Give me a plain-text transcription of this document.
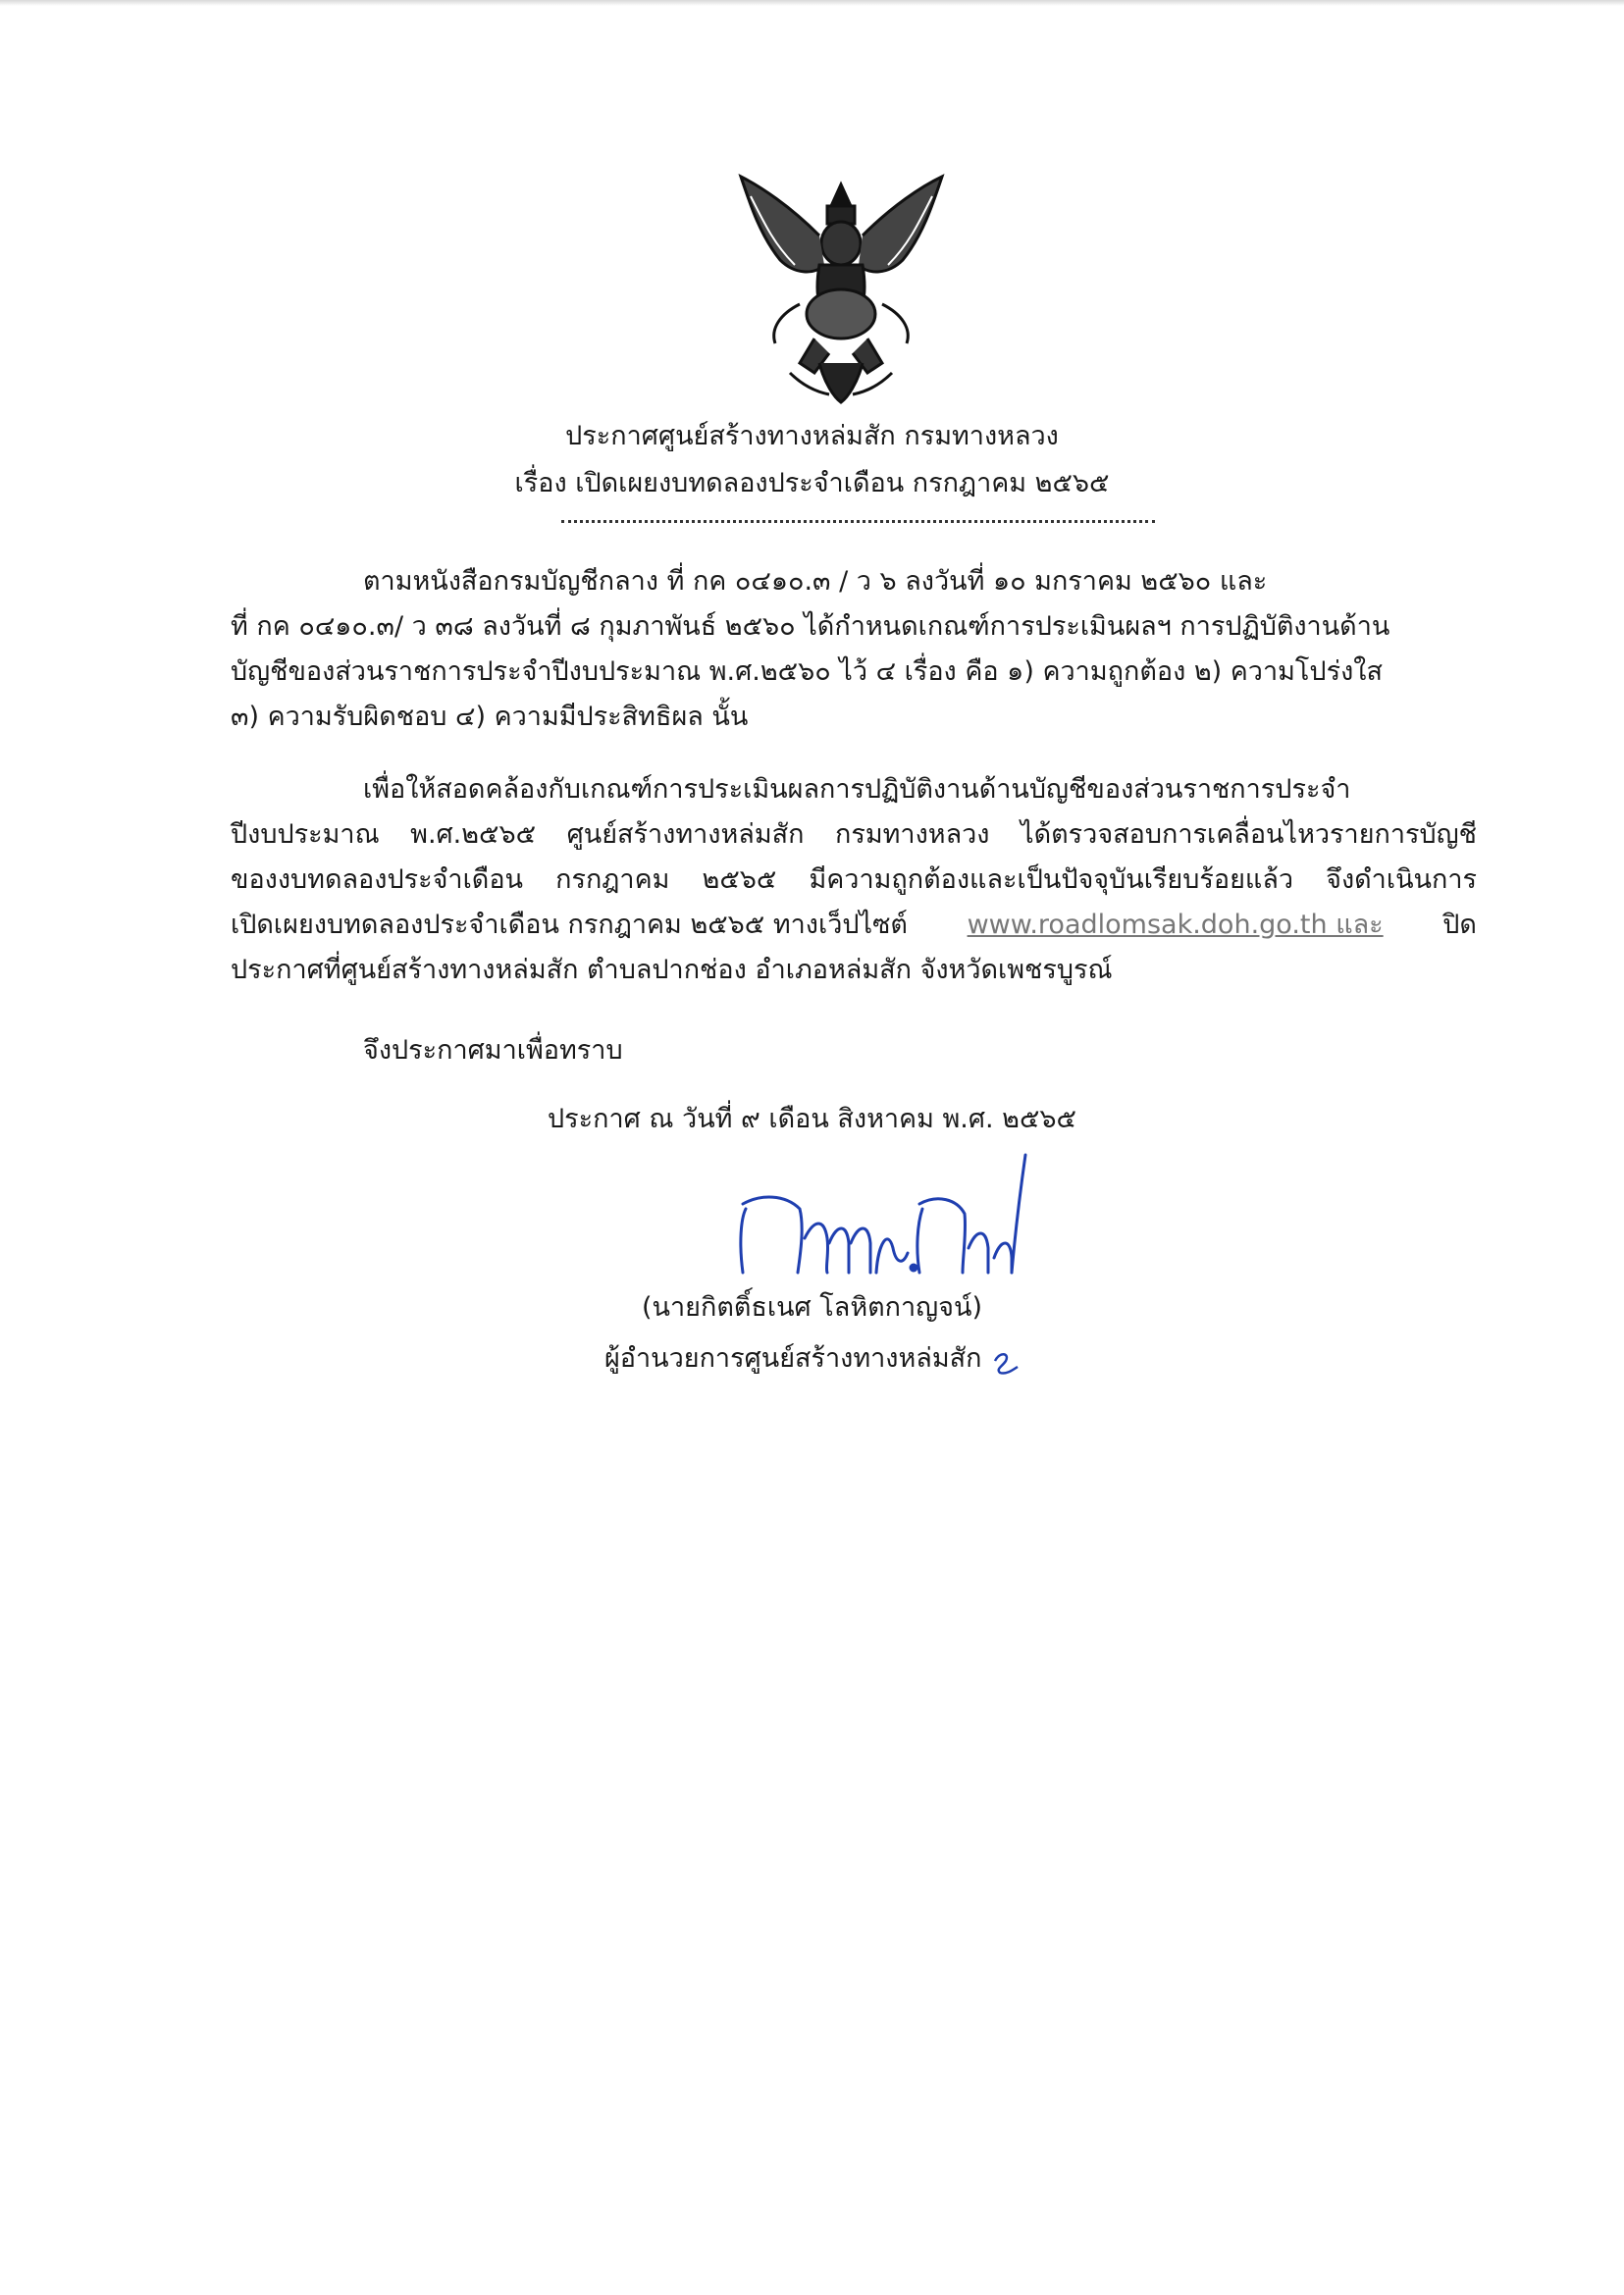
ประกาศศูนย์สร้างทางหล่มสัก กรมทางหลวง
เรื่อง เปิดเผยงบทดลองประจำเดือน กรกฎาคม ๒๕๖๕
ตามหนังสือกรมบัญชีกลาง ที่ กค ๐๔๑๐.๓ / ว ๖ ลงวันที่ ๑๐ มกราคม ๒๕๖๐ และ
ที่ กค ๐๔๑๐.๓/ ว ๓๘ ลงวันที่ ๘ กุมภาพันธ์ ๒๕๖๐ ได้กำหนดเกณฑ์การประเมินผลฯ การปฏิบัติงานด้าน
บัญชีของส่วนราชการประจำปีงบประมาณ พ.ศ.๒๕๖๐ ไว้ ๔ เรื่อง คือ ๑) ความถูกต้อง ๒) ความโปร่งใส
๓) ความรับผิดชอบ ๔) ความมีประสิทธิผล นั้น
เพื่อให้สอดคล้องกับเกณฑ์การประเมินผลการปฏิบัติงานด้านบัญชีของส่วนราชการประจำ
ปีงบประมาณ พ.ศ.๒๕๖๕ ศูนย์สร้างทางหล่มสัก กรมทางหลวง ได้ตรวจสอบการเคลื่อนไหวรายการบัญชี
ของงบทดลองประจำเดือน กรกฎาคม ๒๕๖๕ มีความถูกต้องและเป็นปัจจุบันเรียบร้อยแล้ว จึงดำเนินการ
เปิดเผยงบทดลองประจำเดือน กรกฎาคม ๒๕๖๕ ทางเว็ปไซต์ www.roadlomsak.doh.go.th และ ปิด
ประกาศที่ศูนย์สร้างทางหล่มสัก ตำบลปากช่อง อำเภอหล่มสัก จังหวัดเพชรบูรณ์
จึงประกาศมาเพื่อทราบ
ประกาศ ณ วันที่ ๙ เดือน สิงหาคม พ.ศ. ๒๕๖๕
(นายกิตติ์ธเนศ โลหิตกาญจน์)
ผู้อำนวยการศูนย์สร้างทางหล่มสัก
